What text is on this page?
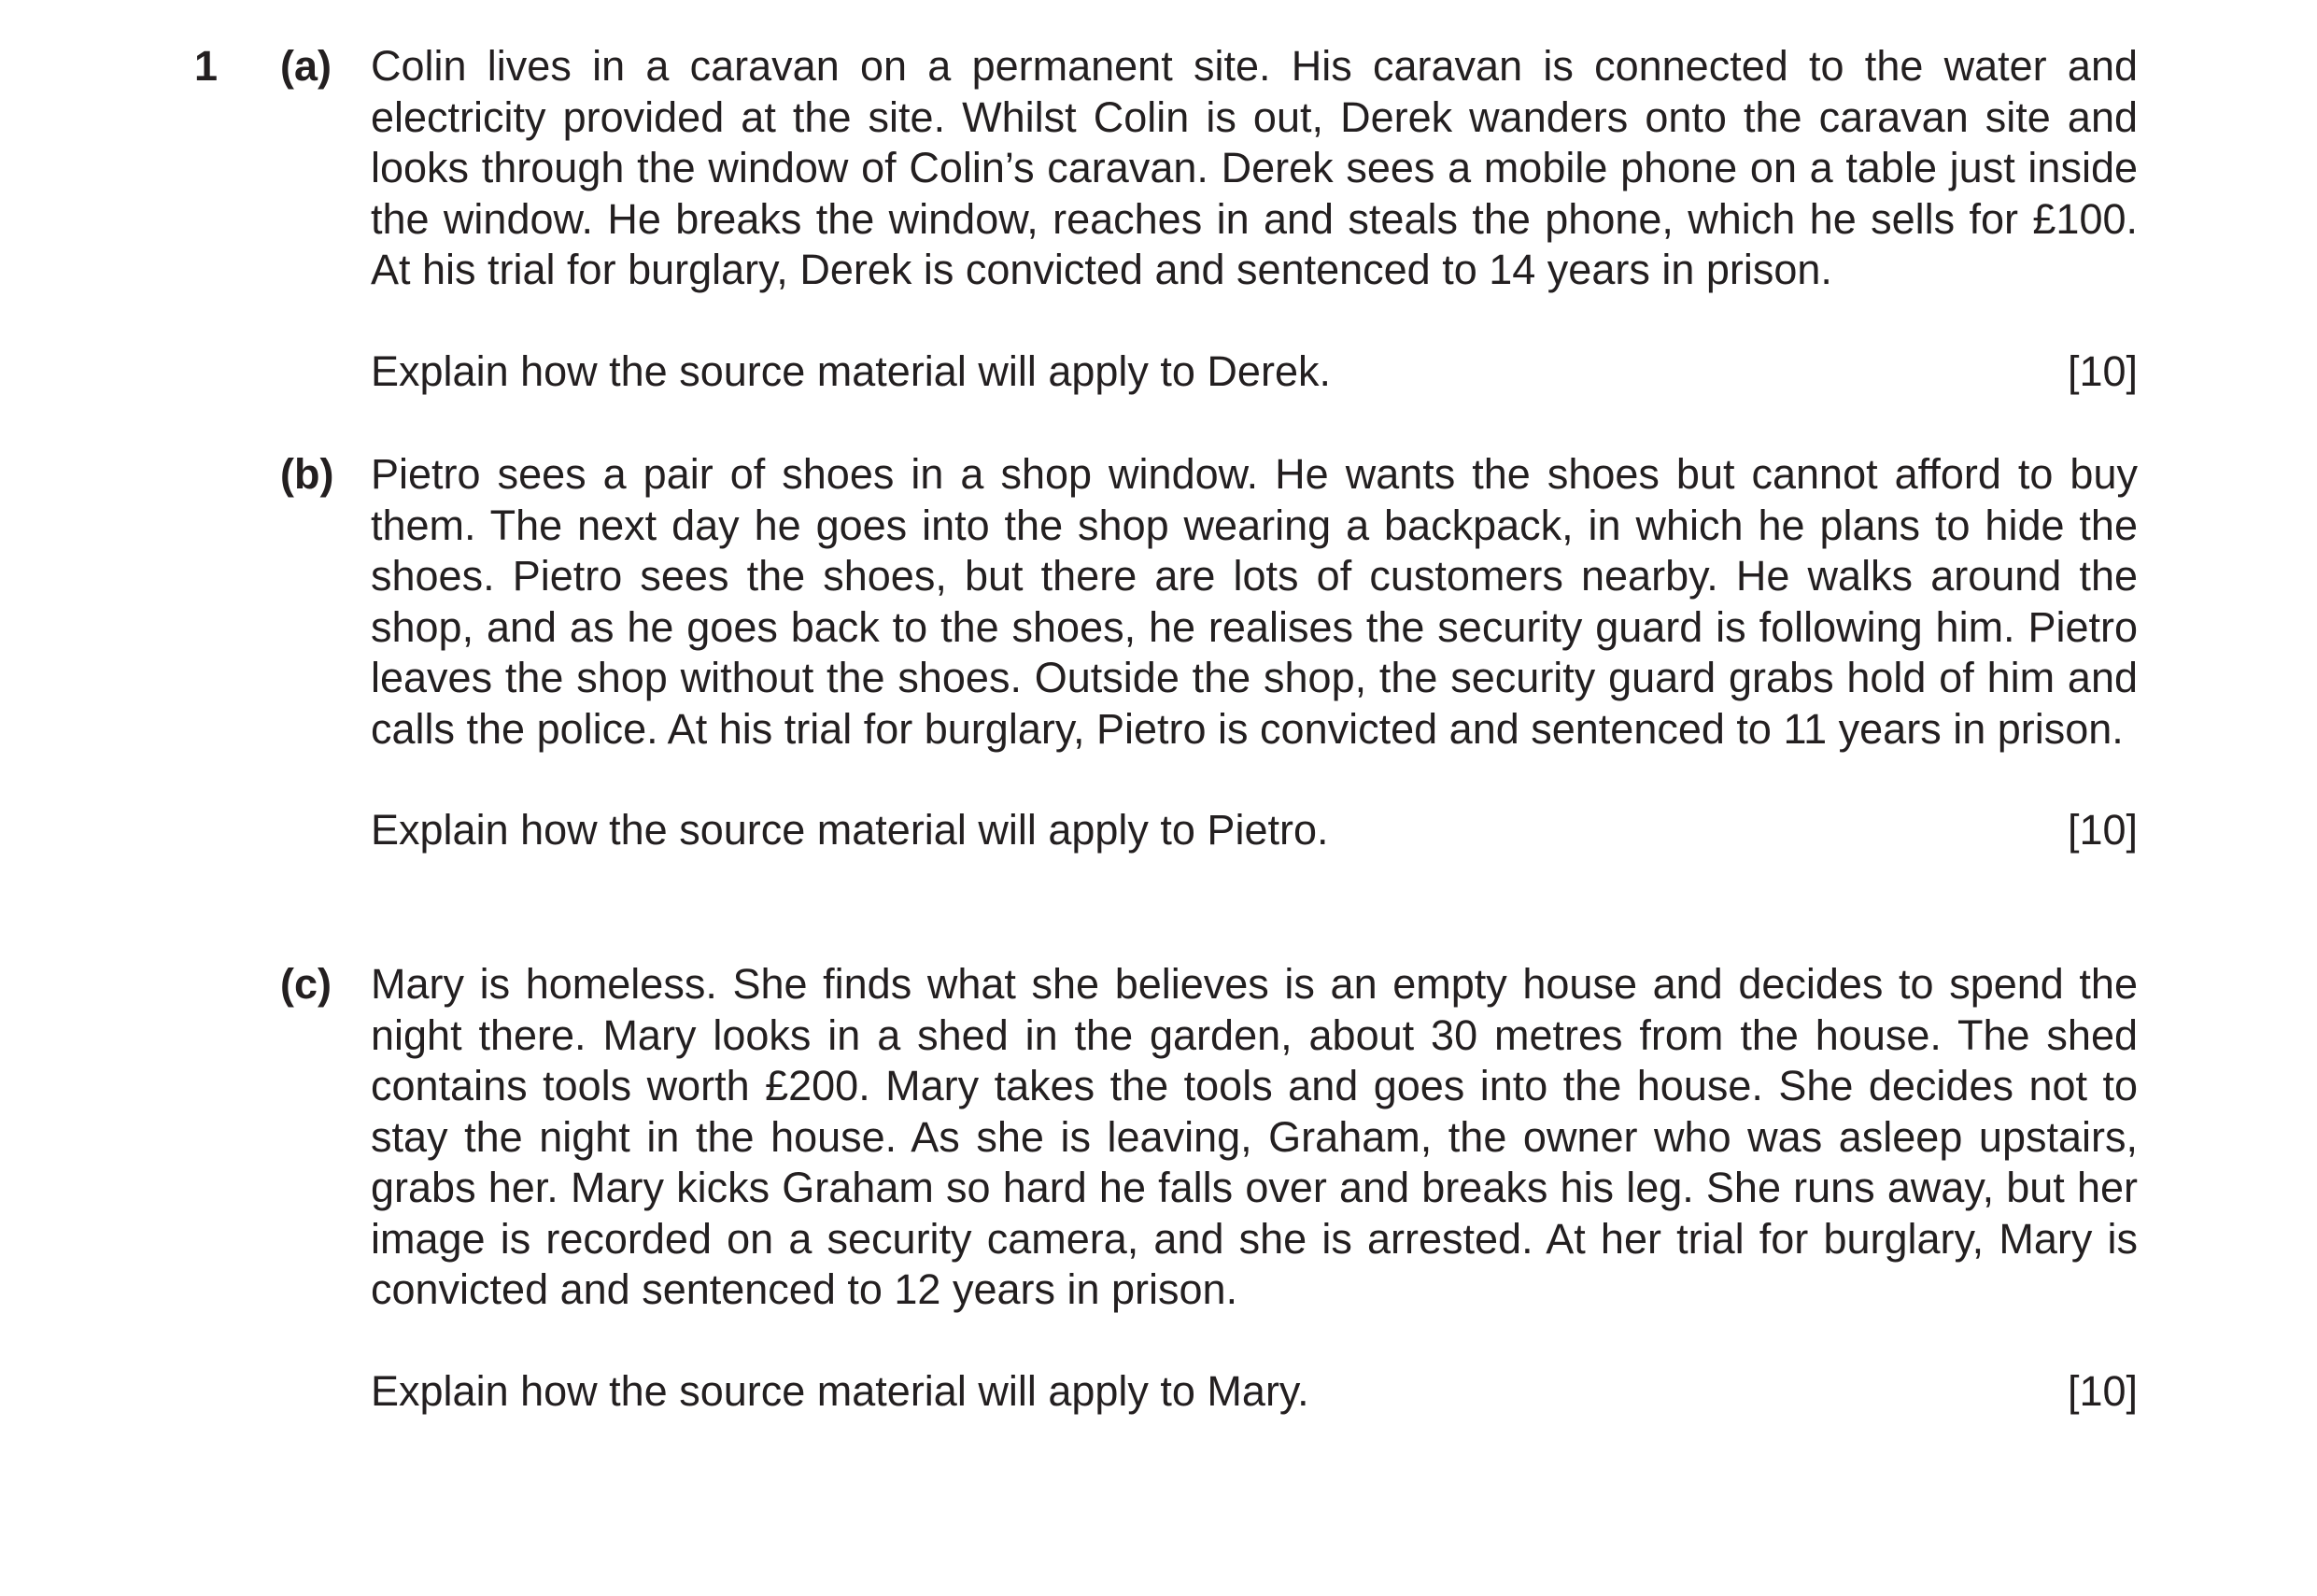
1 (a) Colin lives in a caravan on a permanent site. His caravan is connected to the water and electricity provided at the site. Whilst Colin is out, Derek wanders onto the caravan site and looks through the window of Colin’s caravan. Derek sees a mobile phone on a table just inside the window. He breaks the window, reaches in and steals the phone, which he sells for £100. At his trial for burglary, Derek is convicted and sentenced to 14 years in prison.

Explain how the source material will apply to Derek.	[10]
(b) Pietro sees a pair of shoes in a shop window. He wants the shoes but cannot afford to buy them. The next day he goes into the shop wearing a backpack, in which he plans to hide the shoes. Pietro sees the shoes, but there are lots of customers nearby. He walks around the shop, and as he goes back to the shoes, he realises the security guard is following him. Pietro leaves the shop without the shoes. Outside the shop, the security guard grabs hold of him and calls the police. At his trial for burglary, Pietro is convicted and sentenced to 11 years in prison.

Explain how the source material will apply to Pietro.	[10]
(c) Mary is homeless. She finds what she believes is an empty house and decides to spend the night there. Mary looks in a shed in the garden, about 30 metres from the house. The shed contains tools worth £200. Mary takes the tools and goes into the house. She decides not to stay the night in the house. As she is leaving, Graham, the owner who was asleep upstairs, grabs her. Mary kicks Graham so hard he falls over and breaks his leg. She runs away, but her image is recorded on a security camera, and she is arrested. At her trial for burglary, Mary is convicted and sentenced to 12 years in prison.

Explain how the source material will apply to Mary.	[10]
